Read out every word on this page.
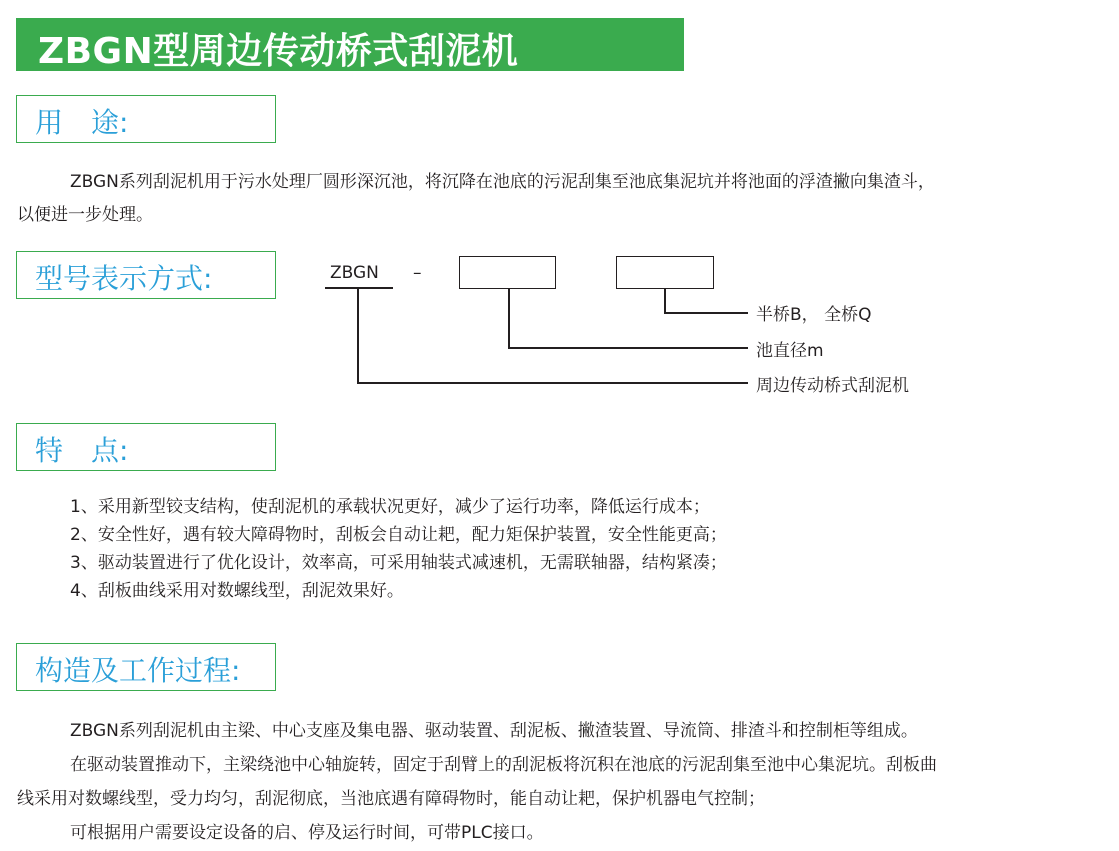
ZBGN型周边传动桥式刮泥机
用　途:
ZBGN系列刮泥机用于污水处理厂圆形深沉池，将沉降在池底的污泥刮集至池底集泥坑并将池面的浮渣撇向集渣斗，
以便进一步处理。
型号表示方式:	ZBGN –
半桥B， 全桥Q
池直径m
周边传动桥式刮泥机
特　点:
1、采用新型铰支结构，使刮泥机的承载状况更好，减少了运行功率，降低运行成本；
2、安全性好，遇有较大障碍物时，刮板会自动让耙，配力矩保护装置，安全性能更高；
3、驱动装置进行了优化设计，效率高，可采用轴装式减速机，无需联轴器，结构紧凑；
4、刮板曲线采用对数螺线型，刮泥效果好。
构造及工作过程:
ZBGN系列刮泥机由主梁、中心支座及集电器、驱动装置、刮泥板、撇渣装置、导流筒、排渣斗和控制柜等组成。
在驱动装置推动下，主梁绕池中心轴旋转，固定于刮臂上的刮泥板将沉积在池底的污泥刮集至池中心集泥坑。刮板曲
线采用对数螺线型，受力均匀，刮泥彻底，当池底遇有障碍物时，能自动让耙，保护机器电气控制；
可根据用户需要设定设备的启、停及运行时间，可带PLC接口。
